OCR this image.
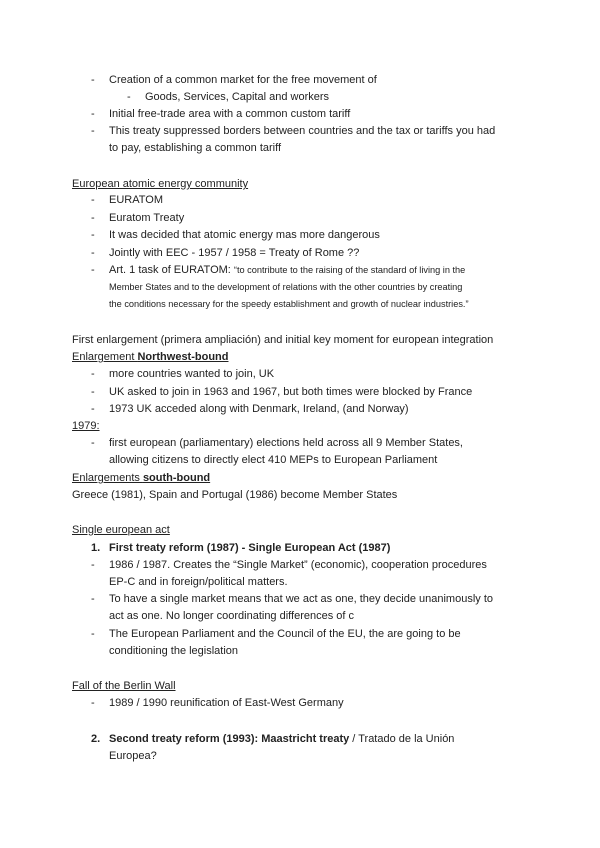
- Creation of a common market for the free movement of
- Goods, Services, Capital and workers
- Initial free-trade area with a common custom tariff
- This treaty suppressed borders between countries and the tax or tariffs you had
to pay, establishing a common tariff
European atomic energy community
- EURATOM
- Euratom Treaty
- It was decided that atomic energy mas more dangerous
- Jointly with EEC - 1957 / 1958 = Treaty of Rome ??
- Art. 1 task of EURATOM: “to contribute to the raising of the standard of living in the
Member States and to the development of relations with the other countries by creating
the conditions necessary for the speedy establishment and growth of nuclear industries.”
First enlargement (primera ampliación) and initial key moment for european integration
Enlargement Northwest-bound
- more countries wanted to join, UK
- UK asked to join in 1963 and 1967, but both times were blocked by France
- 1973 UK acceded along with Denmark, Ireland, (and Norway)
1979:
- first european (parliamentary) elections held across all 9 Member States,
allowing citizens to directly elect 410 MEPs to European Parliament
Enlargements south-bound
Greece (1981), Spain and Portugal (1986) become Member States
Single european act
1. First treaty reform (1987) - Single European Act (1987)
- 1986 / 1987. Creates the “Single Market” (economic), cooperation procedures
EP-C and in foreign/political matters.
- To have a single market means that we act as one, they decide unanimously to
act as one. No longer coordinating differences of c
- The European Parliament and the Council of the EU, the are going to be
conditioning the legislation
Fall of the Berlin Wall
- 1989 / 1990 reunification of East-West Germany
2. Second treaty reform (1993): Maastricht treaty / Tratado de la Unión
Europea?
